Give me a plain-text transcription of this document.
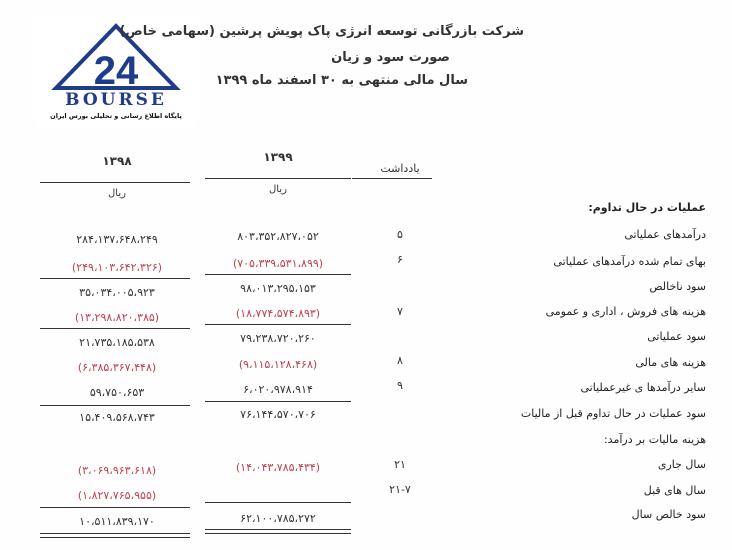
24
BOURSE
پایگاه اطلاع رسانی و تحلیلی بورس ایران
شرکت بازرگانی توسعه انرژی پاک پویش پرشین (سهامی خاص)
صورت سود و زیان
سال مالی منتهی به ۳۰ اسفند ماه ۱۳۹۹
یادداشت
۱۳۹۹
۱۳۹۸
ریال
ریال
عملیات در حال تداوم:
درآمدهای عملیاتی
۵
۸۰۳،۳۵۲،۸۲۷،۰۵۲
۲۸۴،۱۳۷،۶۴۸،۲۴۹
بهای تمام شده درآمدهای عملیاتی
۶
(۷۰۵،۳۳۹،۵۳۱،۸۹۹)
(۲۴۹،۱۰۳،۶۴۲،۳۲۶)
سود ناخالص
۹۸،۰۱۳،۲۹۵،۱۵۳
۳۵،۰۳۴،۰۰۵،۹۲۳
هزینه های فروش ، اداری و عمومی
۷
(۱۸،۷۷۴،۵۷۴،۸۹۳)
(۱۳،۲۹۸،۸۲۰،۳۸۵)
سود عملیاتی
۷۹،۲۳۸،۷۲۰،۲۶۰
۲۱،۷۳۵،۱۸۵،۵۳۸
هزینه های مالی
۸
(۹،۱۱۵،۱۲۸،۴۶۸)
(۶،۳۸۵،۳۶۷،۴۴۸)
سایر درآمدها ی غیرعملیاتی
۹
۶،۰۲۰،۹۷۸،۹۱۴
۵۹،۷۵۰،۶۵۳
سود عملیات در حال تداوم قبل از مالیات
۷۶،۱۴۴،۵۷۰،۷۰۶
۱۵،۴۰۹،۵۶۸،۷۴۳
هزینه مالیات بر درآمد:
سال جاری
۲۱
(۱۴،۰۴۳،۷۸۵،۴۳۴)
(۳،۰۶۹،۹۶۳،۶۱۸)
سال های قبل
۲۱-۷
(۱،۸۲۷،۷۶۵،۹۵۵)
سود خالص سال
۶۲،۱۰۰،۷۸۵،۲۷۲
۱۰،۵۱۱،۸۳۹،۱۷۰
